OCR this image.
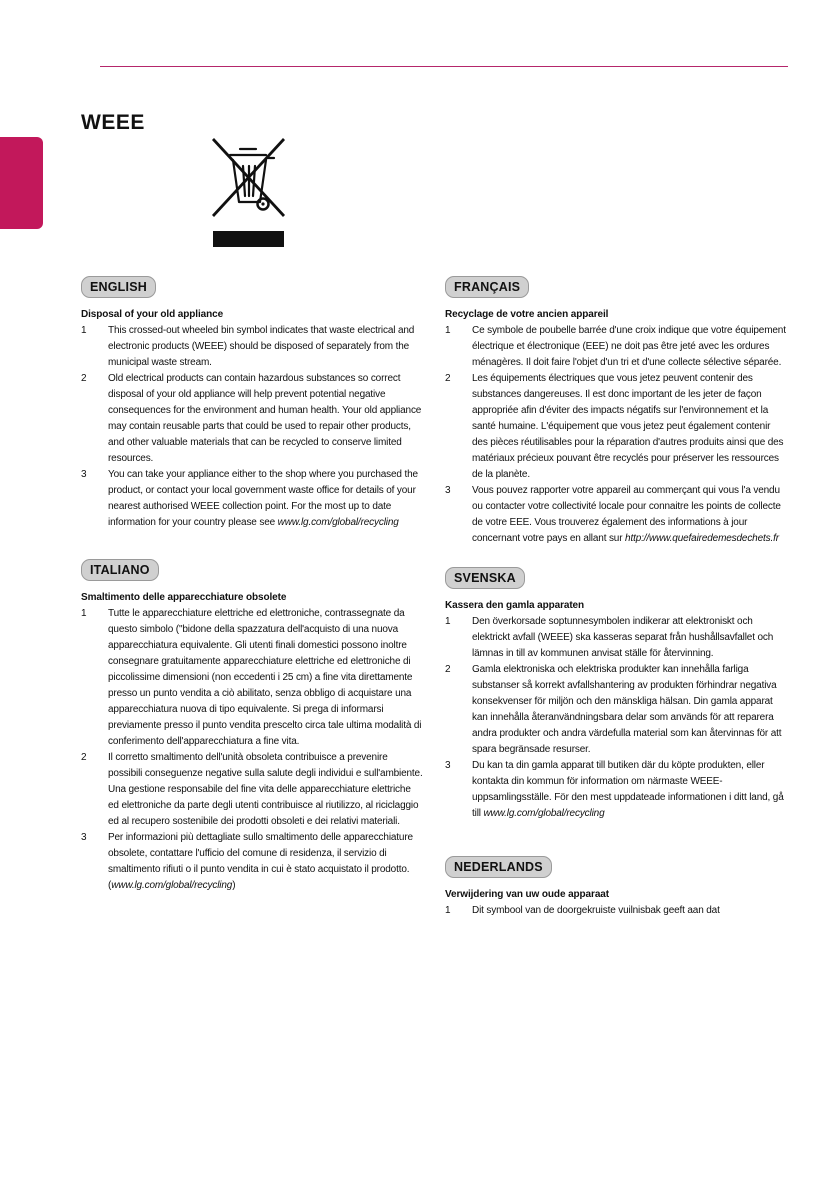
WEEE
ENGLISH
Disposal of your old appliance
1	This crossed-out wheeled bin symbol indicates that waste electrical and electronic products (WEEE) should be disposed of separately from the municipal waste stream.
2	Old electrical products can contain hazardous substances so correct disposal of your old appliance will help prevent potential negative consequences for the environment and human health. Your old appliance may contain reusable parts that could be used to repair other products, and other valuable materials that can be recycled to conserve limited resources.
3	You can take your appliance either to the shop where you purchased the product, or contact your local government waste office for details of your nearest authorised WEEE collection point. For the most up to date information for your country please see www.lg.com/global/recycling
ITALIANO
Smaltimento delle apparecchiature obsolete
1	Tutte le apparecchiature elettriche ed elettroniche, contrassegnate da questo simbolo ("bidone della spazzatura dell'acquisto di una nuova apparecchiatura equivalente. Gli utenti finali domestici possono inoltre consegnare gratuitamente apparecchiature elettriche ed elettroniche di piccolissime dimensioni (non eccedenti i 25 cm) a fine vita direttamente presso un punto vendita a ciò abilitato, senza obbligo di acquistare una apparecchiatura nuova di tipo equivalente. Si prega di informarsi previamente presso il punto vendita prescelto circa tale ultima modalità di conferimento dell'apparecchiatura a fine vita.
2	Il corretto smaltimento dell'unità obsoleta contribuisce a prevenire possibili conseguenze negative sulla salute degli individui e sull'ambiente. Una gestione responsabile del fine vita delle apparecchiature elettriche ed elettroniche da parte degli utenti contribuisce al riutilizzo, al riciclaggio ed al recupero sostenibile dei prodotti obsoleti e dei relativi materiali.
3	Per informazioni più dettagliate sullo smaltimento delle apparecchiature obsolete, contattare l'ufficio del comune di residenza, il servizio di smaltimento rifiuti o il punto vendita in cui è stato acquistato il prodotto. (www.lg.com/global/recycling)
FRANÇAIS
Recyclage de votre ancien appareil
1	Ce symbole de poubelle barrée d'une croix indique que votre équipement électrique et électronique (EEE) ne doit pas être jeté avec les ordures ménagères. Il doit faire l'objet d'un tri et d'une collecte sélective séparée.
2	Les équipements électriques que vous jetez peuvent contenir des substances dangereuses. Il est donc important de les jeter de façon appropriée afin d'éviter des impacts négatifs sur l'environnement et la santé humaine. L'équipement que vous jetez peut également contenir des pièces réutilisables pour la réparation d'autres produits ainsi que des matériaux précieux pouvant être recyclés pour préserver les ressources de la planète.
3	Vous pouvez rapporter votre appareil au commerçant qui vous l'a vendu ou contacter votre collectivité locale pour connaitre les points de collecte de votre EEE. Vous trouverez également des informations à jour concernant votre pays en allant sur http://www.quefairedemesdechets.fr
SVENSKA
Kassera den gamla apparaten
1	Den överkorsade soptunnesymbolen indikerar att elektroniskt och elektrickt avfall (WEEE) ska kasseras separat från hushållsavfallet och lämnas in till av kommunen anvisat ställe för återvinning.
2	Gamla elektroniska och elektriska produkter kan innehålla farliga substanser så korrekt avfallshantering av produkten förhindrar negativa konsekvenser för miljön och den mänskliga hälsan. Din gamla apparat kan innehålla återanvändningsbara delar som används för att reparera andra produkter och andra värdefulla material som kan återvinnas för att spara begränsade resurser.
3	Du kan ta din gamla apparat till butiken där du köpte produkten, eller kontakta din kommun för information om närmaste WEEE-uppsamlingsställe. För den mest uppdateade informationen i ditt land, gå till www.lg.com/global/recycling
NEDERLANDS
Verwijdering van uw oude apparaat
1	Dit symbool van de doorgekruiste vuilnisbak geeft aan dat
